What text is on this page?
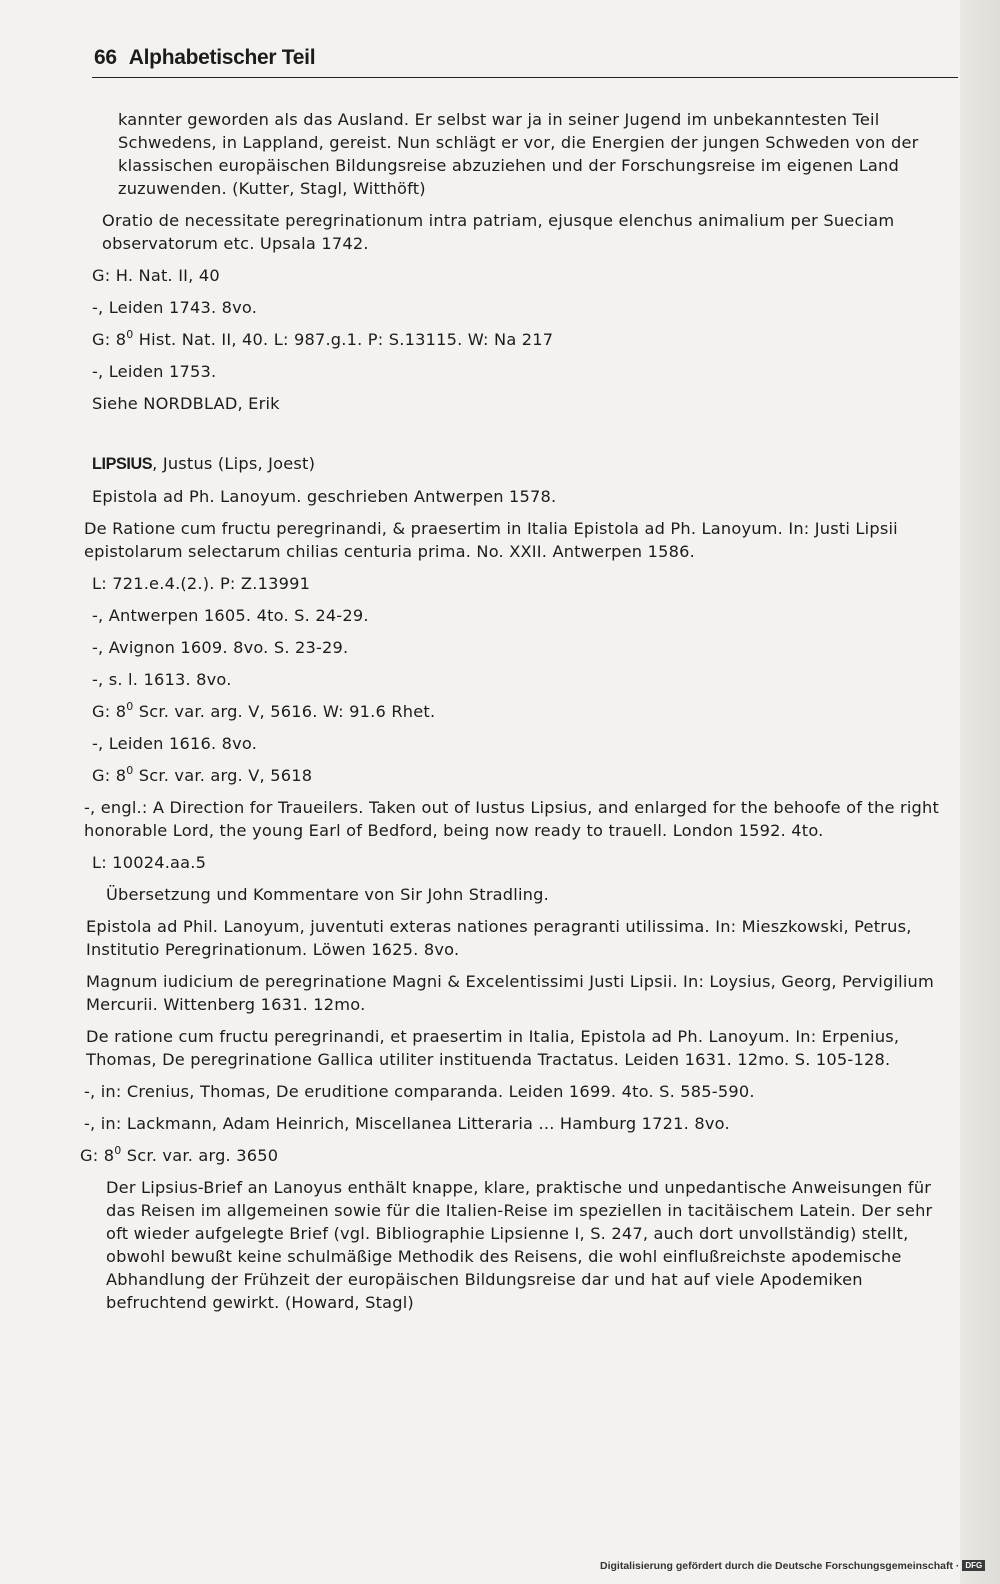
66 Alphabetischer Teil

kannter geworden als das Ausland. Er selbst war ja in seiner Jugend im unbekanntesten Teil Schwedens, in Lappland, gereist. Nun schlägt er vor, die Energien der jungen Schweden von der klassischen europäischen Bildungsreise abzuziehen und der Forschungsreise im eigenen Land zuzuwenden. (Kutter, Stagl, Witthöft)

Oratio de necessitate peregrinationum intra patriam, ejusque elenchus animalium per Sueciam observatorum etc. Upsala 1742.

G: H. Nat. II, 40

-, Leiden 1743. 8vo.

G: $8^0$ Hist. Nat. II, 40. L: 987.g.1. P: S.13115. W: Na 217

-, Leiden 1753.

Siehe NORDBLAD, Erik

LIPSIUS, Justus (Lips, Joest)

Epistola ad Ph. Lanoyum. geschrieben Antwerpen 1578.

De Ratione cum fructu peregrinandi, & praesertim in Italia Epistola ad Ph. Lanoyum. In: Justi Lipsii epistolarum selectarum chilias centuria prima. No. XXII. Antwerpen 1586.

L: 721.e.4.(2.). P: Z.13991

-, Antwerpen 1605. 4to. S. 24-29.

-, Avignon 1609. 8vo. S. 23-29.

-, s. l. 1613. 8vo.

G: $8^0$ Scr. var. arg. V, 5616. W: 91.6 Rhet.

-, Leiden 1616. 8vo.

G: $8^0$ Scr. var. arg. V, 5618

-, engl.: A Direction for Traueilers. Taken out of Iustus Lipsius, and enlarged for the behoofe of the right honorable Lord, the young Earl of Bedford, being now ready to trauell. London 1592. 4to.

L: 10024.aa.5

Übersetzung und Kommentare von Sir John Stradling.

Epistola ad Phil. Lanoyum, juventuti exteras nationes peragranti utilissima. In: Mieszkowski, Petrus, Institutio Peregrinationum. Löwen 1625. 8vo.

Magnum iudicium de peregrinatione Magni & Excelentissimi Justi Lipsii. In: Loysius, Georg, Pervigilium Mercurii. Wittenberg 1631. 12mo.

De ratione cum fructu peregrinandi, et praesertim in Italia, Epistola ad Ph. Lanoyum. In: Erpenius, Thomas, De peregrinatione Gallica utiliter instituenda Tractatus. Leiden 1631. 12mo. S. 105-128.

-, in: Crenius, Thomas, De eruditione comparanda. Leiden 1699. 4to. S. 585-590.

-, in: Lackmann, Adam Heinrich, Miscellanea Litteraria ... Hamburg 1721. 8vo.

G: $8^0$ Scr. var. arg. 3650

Der Lipsius-Brief an Lanoyus enthält knappe, klare, praktische und unpedantische Anweisungen für das Reisen im allgemeinen sowie für die Italien-Reise im speziellen in tacitäischem Latein. Der sehr oft wieder aufgelegte Brief (vgl. Bibliographie Lipsienne I, S. 247, auch dort unvollständig) stellt, obwohl bewußt keine schulmäßige Methodik des Reisens, die wohl einflußreichste apodemische Abhandlung der Frühzeit der europäischen Bildungsreise dar und hat auf viele Apodemiken befruchtend gewirkt. (Howard, Stagl)

Digitalisierung gefördert durch die Deutsche Forschungsgemeinschaft · DFG
